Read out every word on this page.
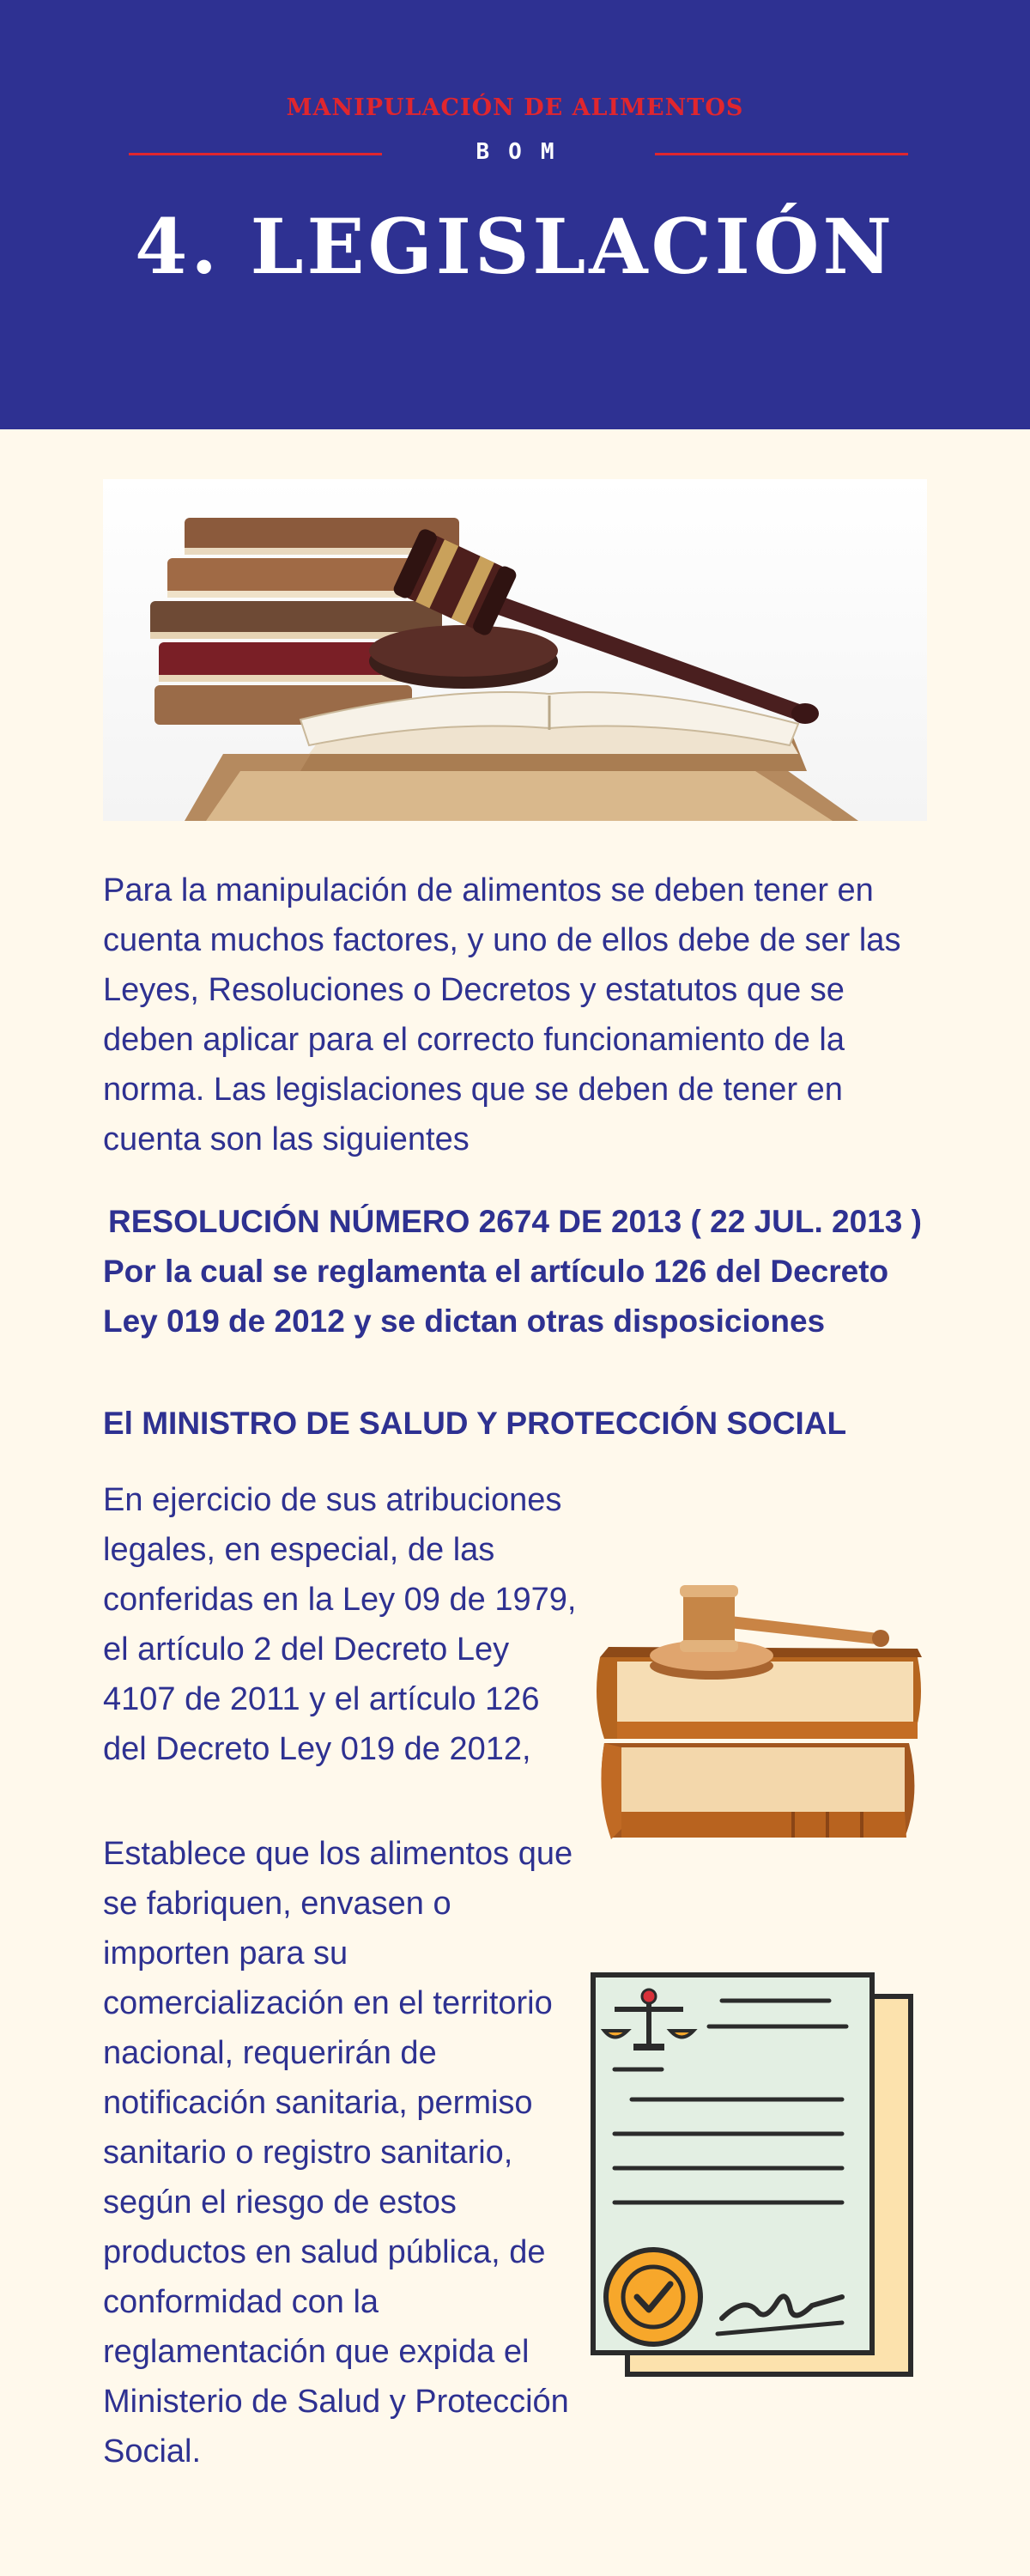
MANIPULACIÓN DE ALIMENTOS
BOM
4. LEGISLACIÓN
Para la manipulación de alimentos se deben tener en cuenta muchos factores, y uno de ellos debe de ser las Leyes, Resoluciones o Decretos y estatutos que se deben aplicar para el correcto funcionamiento de la norma. Las legislaciones que se deben de tener en cuenta son las siguientes
RESOLUCIÓN NÚMERO 2674 DE 2013 ( 22 JUL. 2013 )
Por la cual se reglamenta el artículo 126 del Decreto Ley 019 de 2012 y se dictan otras disposiciones
El MINISTRO DE SALUD Y PROTECCIÓN SOCIAL
En ejercicio de sus atribuciones legales, en especial, de las conferidas en la Ley 09 de 1979, el artículo 2 del Decreto Ley 4107 de 2011 y el artículo 126 del Decreto Ley 019 de 2012,
Establece que los alimentos que se fabriquen, envasen o importen para su comercialización en el territorio nacional, requerirán de notificación sanitaria, permiso sanitario o registro sanitario, según el riesgo de estos productos en salud pública, de conformidad con la reglamentación que expida el Ministerio de Salud y Protección Social.
